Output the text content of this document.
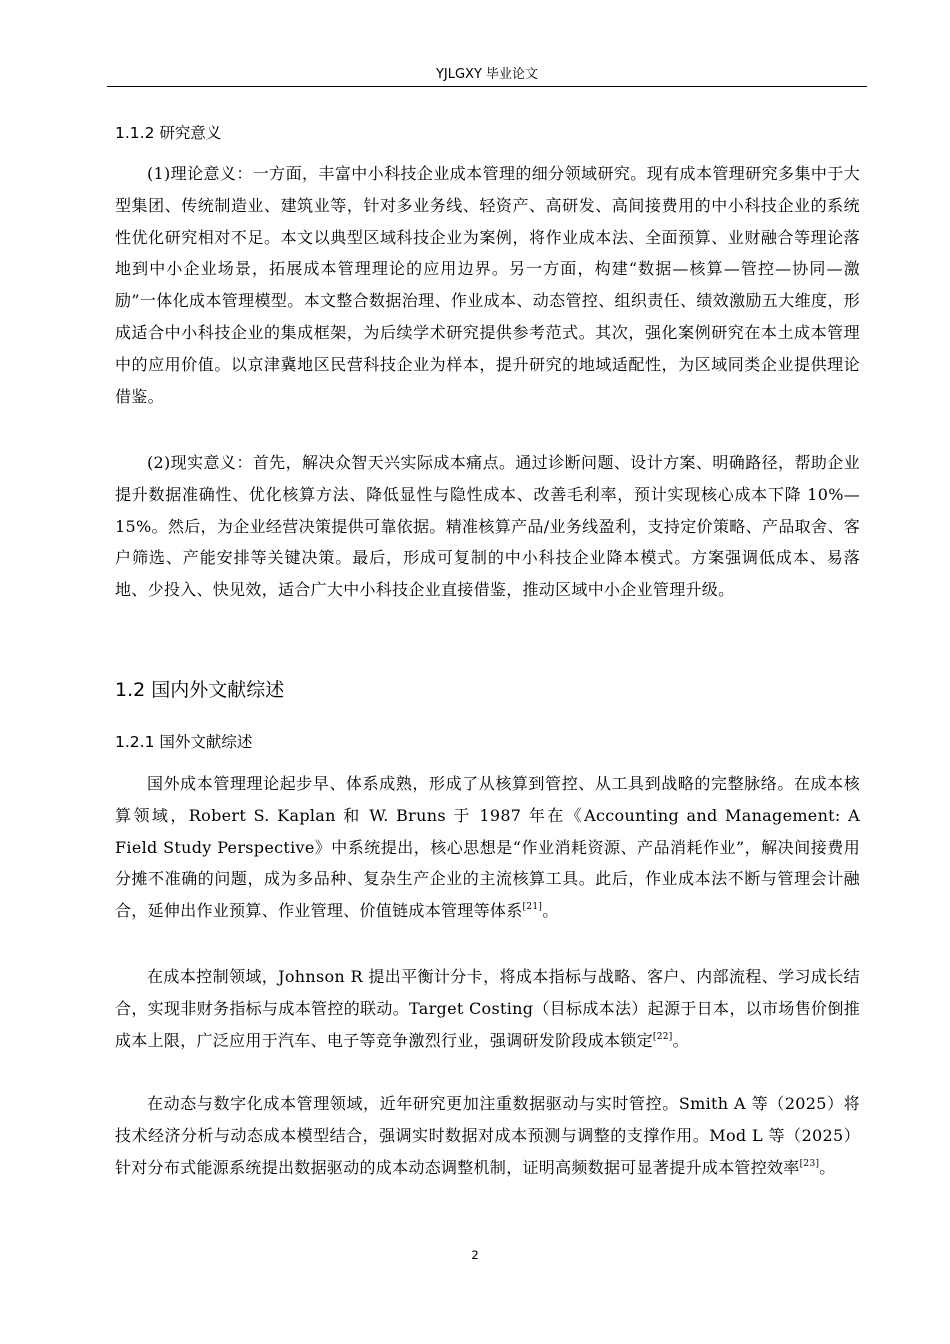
YJLGXY 毕业论文
1.1.2 研究意义

(1)理论意义：一方面，丰富中小科技企业成本管理的细分领域研究。现有成本管理研究多集中于大型集团、传统制造业、建筑业等，针对多业务线、轻资产、高研发、高间接费用的中小科技企业的系统性优化研究相对不足。本文以典型区域科技企业为案例，将作业成本法、全面预算、业财融合等理论落地到中小企业场景，拓展成本管理理论的应用边界。另一方面，构建“数据—核算—管控—协同—激励”一体化成本管理模型。本文整合数据治理、作业成本、动态管控、组织责任、绩效激励五大维度，形成适合中小科技企业的集成框架，为后续学术研究提供参考范式。其次，强化案例研究在本土成本管理中的应用价值。以京津冀地区民营科技企业为样本，提升研究的地域适配性，为区域同类企业提供理论借鉴。

(2)现实意义：首先，解决众智天兴实际成本痛点。通过诊断问题、设计方案、明确路径，帮助企业提升数据准确性、优化核算方法、降低显性与隐性成本、改善毛利率，预计实现核心成本下降 10%—15%。然后，为企业经营决策提供可靠依据。精准核算产品/业务线盈利，支持定价策略、产品取舍、客户筛选、产能安排等关键决策。最后，形成可复制的中小科技企业降本模式。方案强调低成本、易落地、少投入、快见效，适合广大中小科技企业直接借鉴，推动区域中小企业管理升级。

1.2 国内外文献综述
1.2.1 国外文献综述

国外成本管理理论起步早、体系成熟，形成了从核算到管控、从工具到战略的完整脉络。在成本核算领域，Robert S. Kaplan 和 W. Bruns 于 1987 年在《Accounting and Management: A Field Study Perspective》中系统提出，核心思想是“作业消耗资源、产品消耗作业”，解决间接费用分摊不准确的问题，成为多品种、复杂生产企业的主流核算工具。此后，作业成本法不断与管理会计融合，延伸出作业预算、作业管理、价值链成本管理等体系[21]。

在成本控制领域，Johnson R 提出平衡计分卡，将成本指标与战略、客户、内部流程、学习成长结合，实现非财务指标与成本管控的联动。Target Costing（目标成本法）起源于日本，以市场售价倒推成本上限，广泛应用于汽车、电子等竞争激烈行业，强调研发阶段成本锁定[22]。

在动态与数字化成本管理领域，近年研究更加注重数据驱动与实时管控。Smith A 等（2025）将技术经济分析与动态成本模型结合，强调实时数据对成本预测与调整的支撑作用。Mod L 等（2025）针对分布式能源系统提出数据驱动的成本动态调整机制，证明高频数据可显著提升成本管控效率[23]。

2
